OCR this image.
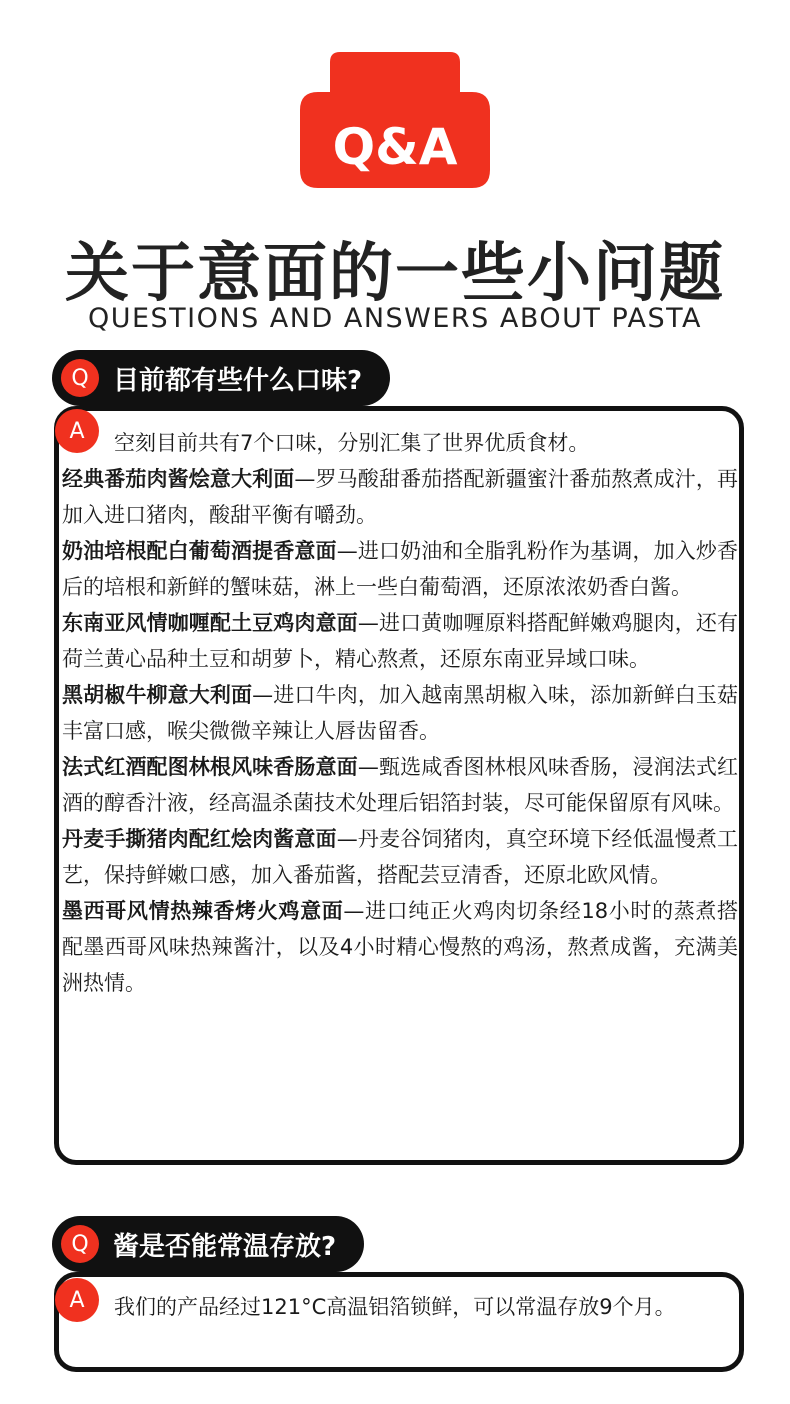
Q&A
关于意面的一些小问题
QUESTIONS AND ANSWERS ABOUT PASTA
Q 目前都有些什么口味?
A	空刻目前共有7个口味，分别汇集了世界优质食材。

经典番茄肉酱烩意大利面—罗马酸甜番茄搭配新疆蜜汁番茄熬煮成汁，再加入进口猪肉，酸甜平衡有嚼劲。

奶油培根配白葡萄酒提香意面—进口奶油和全脂乳粉作为基调，加入炒香后的培根和新鲜的蟹味菇，淋上一些白葡萄酒，还原浓浓奶香白酱。

东南亚风情咖喱配土豆鸡肉意面—进口黄咖喱原料搭配鲜嫩鸡腿肉，还有荷兰黄心品种土豆和胡萝卜，精心熬煮，还原东南亚异域口味。

黑胡椒牛柳意大利面—进口牛肉，加入越南黑胡椒入味，添加新鲜白玉菇丰富口感，喉尖微微辛辣让人唇齿留香。

法式红酒配图林根风味香肠意面—甄选咸香图林根风味香肠，浸润法式红酒的醇香汁液，经高温杀菌技术处理后铝箔封装，尽可能保留原有风味。

丹麦手撕猪肉配红烩肉酱意面—丹麦谷饲猪肉，真空环境下经低温慢煮工艺，保持鲜嫩口感，加入番茄酱，搭配芸豆清香，还原北欧风情。

墨西哥风情热辣香烤火鸡意面—进口纯正火鸡肉切条经18小时的蒸煮搭配墨西哥风味热辣酱汁，以及4小时精心慢熬的鸡汤，熬煮成酱，充满美洲热情。

Q 酱是否能常温存放?
A	我们的产品经过121°C高温铝箔锁鲜，可以常温存放9个月。
